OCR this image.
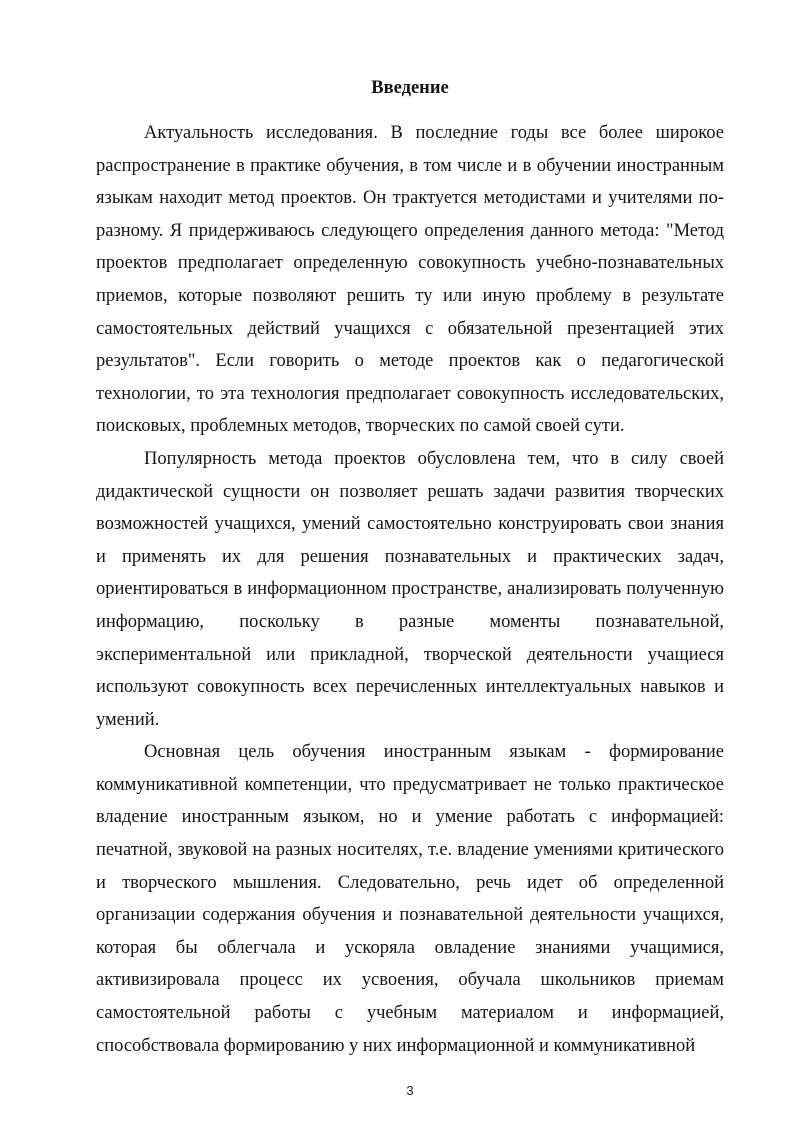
Введение

Актуальность исследования. В последние годы все более широкое распространение в практике обучения, в том числе и в обучении иностранным языкам находит метод проектов. Он трактуется методистами и учителями по-разному. Я придерживаюсь следующего определения данного метода: "Метод проектов предполагает определенную совокупность учебно-познавательных приемов, которые позволяют решить ту или иную проблему в результате самостоятельных действий учащихся с обязательной презентацией этих результатов". Если говорить о методе проектов как о педагогической технологии, то эта технология предполагает совокупность исследовательских, поисковых, проблемных методов, творческих по самой своей сути.

Популярность метода проектов обусловлена тем, что в силу своей дидактической сущности он позволяет решать задачи развития творческих возможностей учащихся, умений самостоятельно конструировать свои знания и применять их для решения познавательных и практических задач, ориентироваться в информационном пространстве, анализировать полученную информацию, поскольку в разные моменты познавательной, экспериментальной или прикладной, творческой деятельности учащиеся используют совокупность всех перечисленных интеллектуальных навыков и умений.

Основная цель обучения иностранным языкам - формирование коммуникативной компетенции, что предусматривает не только практическое владение иностранным языком, но и умение работать с информацией: печатной, звуковой на разных носителях, т.е. владение умениями критического и творческого мышления. Следовательно, речь идет об определенной организации содержания обучения и познавательной деятельности учащихся, которая бы облегчала и ускоряла овладение знаниями учащимися, активизировала процесс их усвоения, обучала школьников приемам самостоятельной работы с учебным материалом и информацией, способствовала формированию у них информационной и коммуникативной

3
